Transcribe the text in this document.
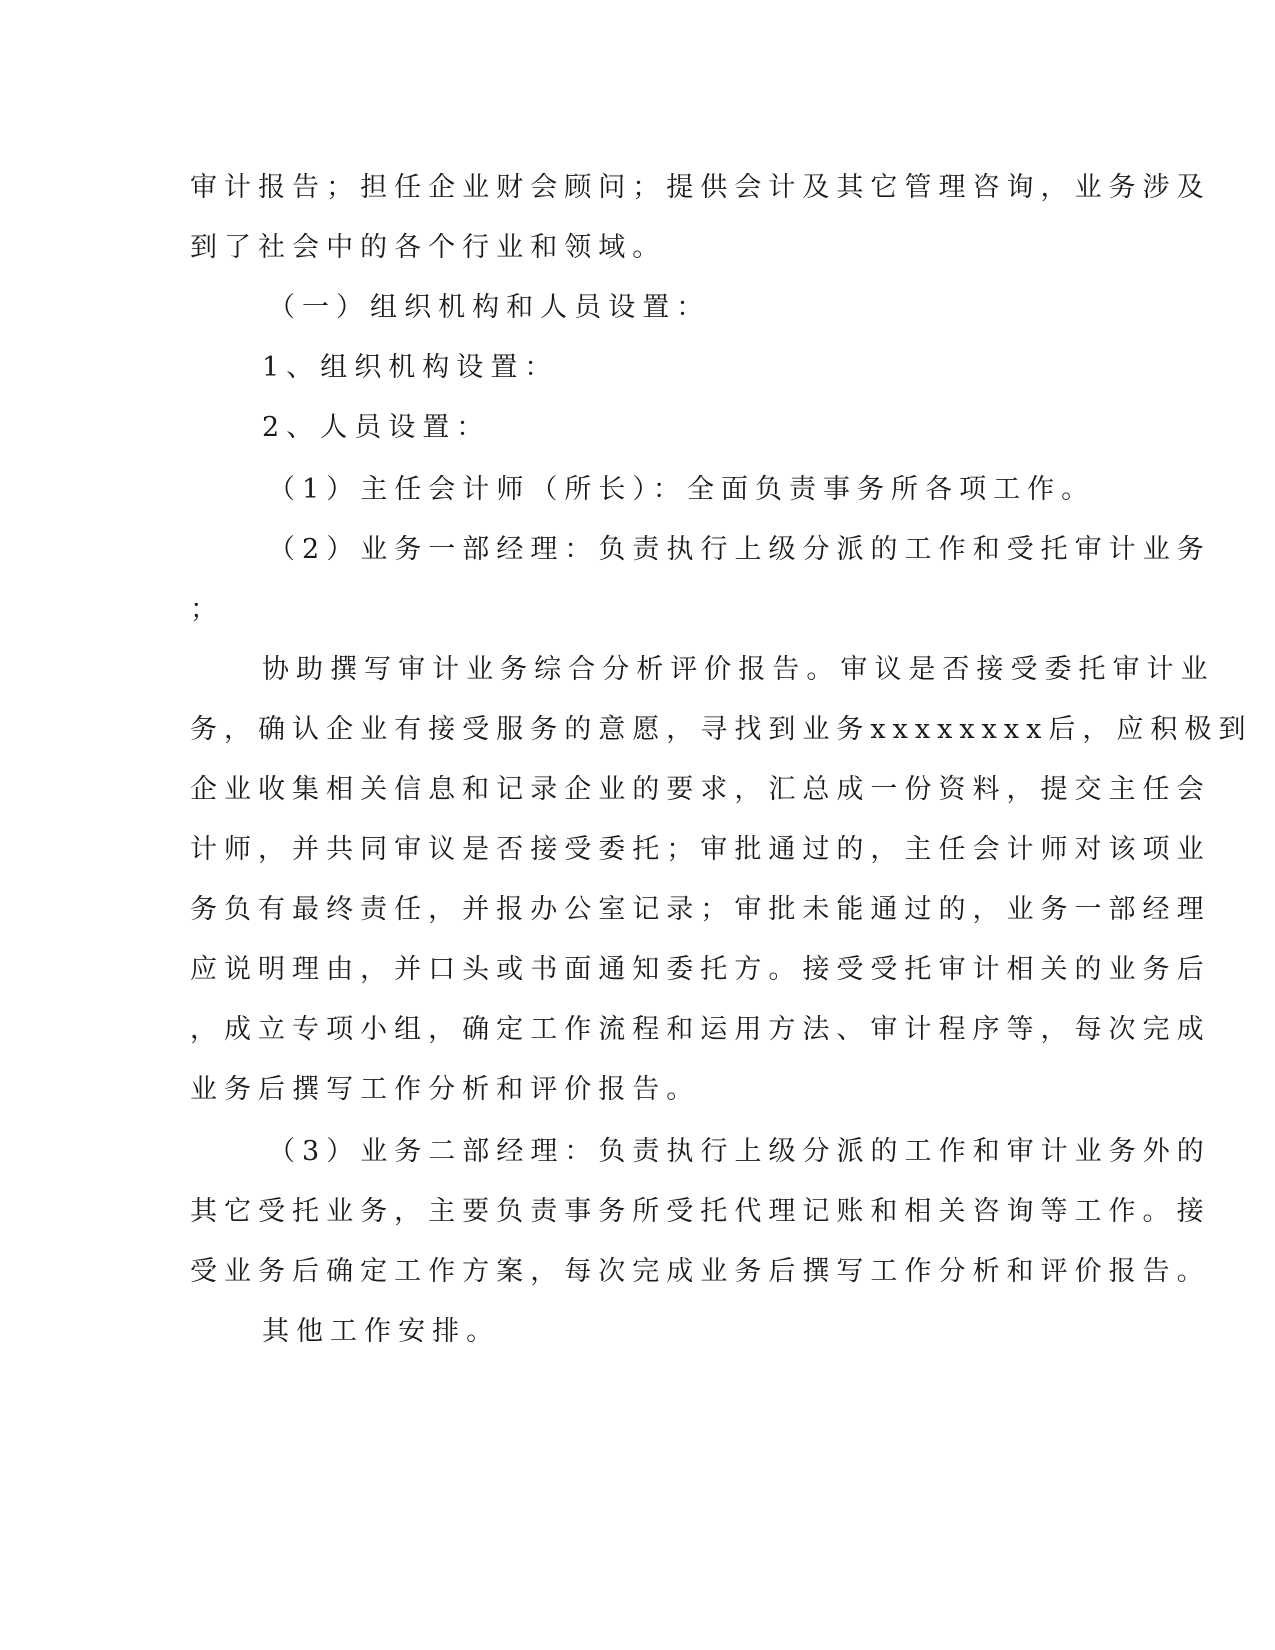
审计报告；担任企业财会顾问；提供会计及其它管理咨询，业务涉及
到了社会中的各个行业和领域。
（一）组织机构和人员设置：
1、组织机构设置：
2、人员设置：
（1）主任会计师（所长）：全面负责事务所各项工作。
（2）业务一部经理：负责执行上级分派的工作和受托审计业务
；
协助撰写审计业务综合分析评价报告。审议是否接受委托审计业
务，确认企业有接受服务的意愿，寻找到业务xxxxxxxx后，应积极到
企业收集相关信息和记录企业的要求，汇总成一份资料，提交主任会
计师，并共同审议是否接受委托；审批通过的，主任会计师对该项业
务负有最终责任，并报办公室记录；审批未能通过的，业务一部经理
应说明理由，并口头或书面通知委托方。接受受托审计相关的业务后
，成立专项小组，确定工作流程和运用方法、审计程序等，每次完成
业务后撰写工作分析和评价报告。
（3）业务二部经理：负责执行上级分派的工作和审计业务外的
其它受托业务，主要负责事务所受托代理记账和相关咨询等工作。接
受业务后确定工作方案，每次完成业务后撰写工作分析和评价报告。
其他工作安排。
